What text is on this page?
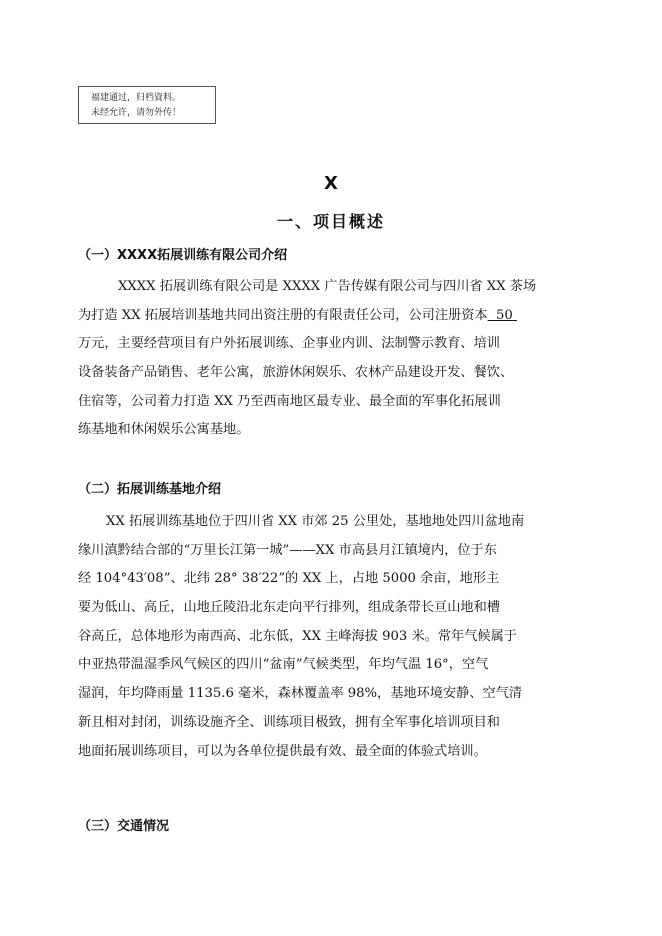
福建通过，归档資料。
未经允许，请勿外传！
X
一、项目概述
（一）XXXX拓展训练有限公司介绍
XXXX 拓展训练有限公司是 XXXX 广告传媒有限公司与四川省 XX 茶场
为打造 XX 拓展培训基地共同出资注册的有限责任公司，公司注册资本 50
万元，主要经营项目有户外拓展训练、企事业内训、法制警示教育、培训
设备装备产品销售、老年公寓，旅游休闲娱乐、农林产品建设开发、餐饮、
住宿等，公司着力打造 XX 乃至西南地区最专业、最全面的军事化拓展训
练基地和休闲娱乐公寓基地。
（二）拓展训练基地介绍
XX 拓展训练基地位于四川省 XX 市郊 25 公里处，基地地处四川盆地南
缘川滇黔结合部的“万里长江第一城”——XX 市高县月江镇境内，位于东
经 104°43′08”、北纬 28° 38′22”的 XX 上，占地 5000 余亩，地形主
要为低山、高丘，山地丘陵沿北东走向平行排列，组成条带长亘山地和槽
谷高丘，总体地形为南西高、北东低，XX 主峰海拔 903 米。常年气候属于
中亚热带温湿季风气候区的四川“盆南”气候类型，年均气温 16°，空气
湿润，年均降雨量 1135.6 毫米，森林覆盖率 98%，基地环境安静、空气清
新且相对封闭，训练设施齐全、训练项目极致，拥有全军事化培训项目和
地面拓展训练项目，可以为各单位提供最有效、最全面的体验式培训。
（三）交通情况
